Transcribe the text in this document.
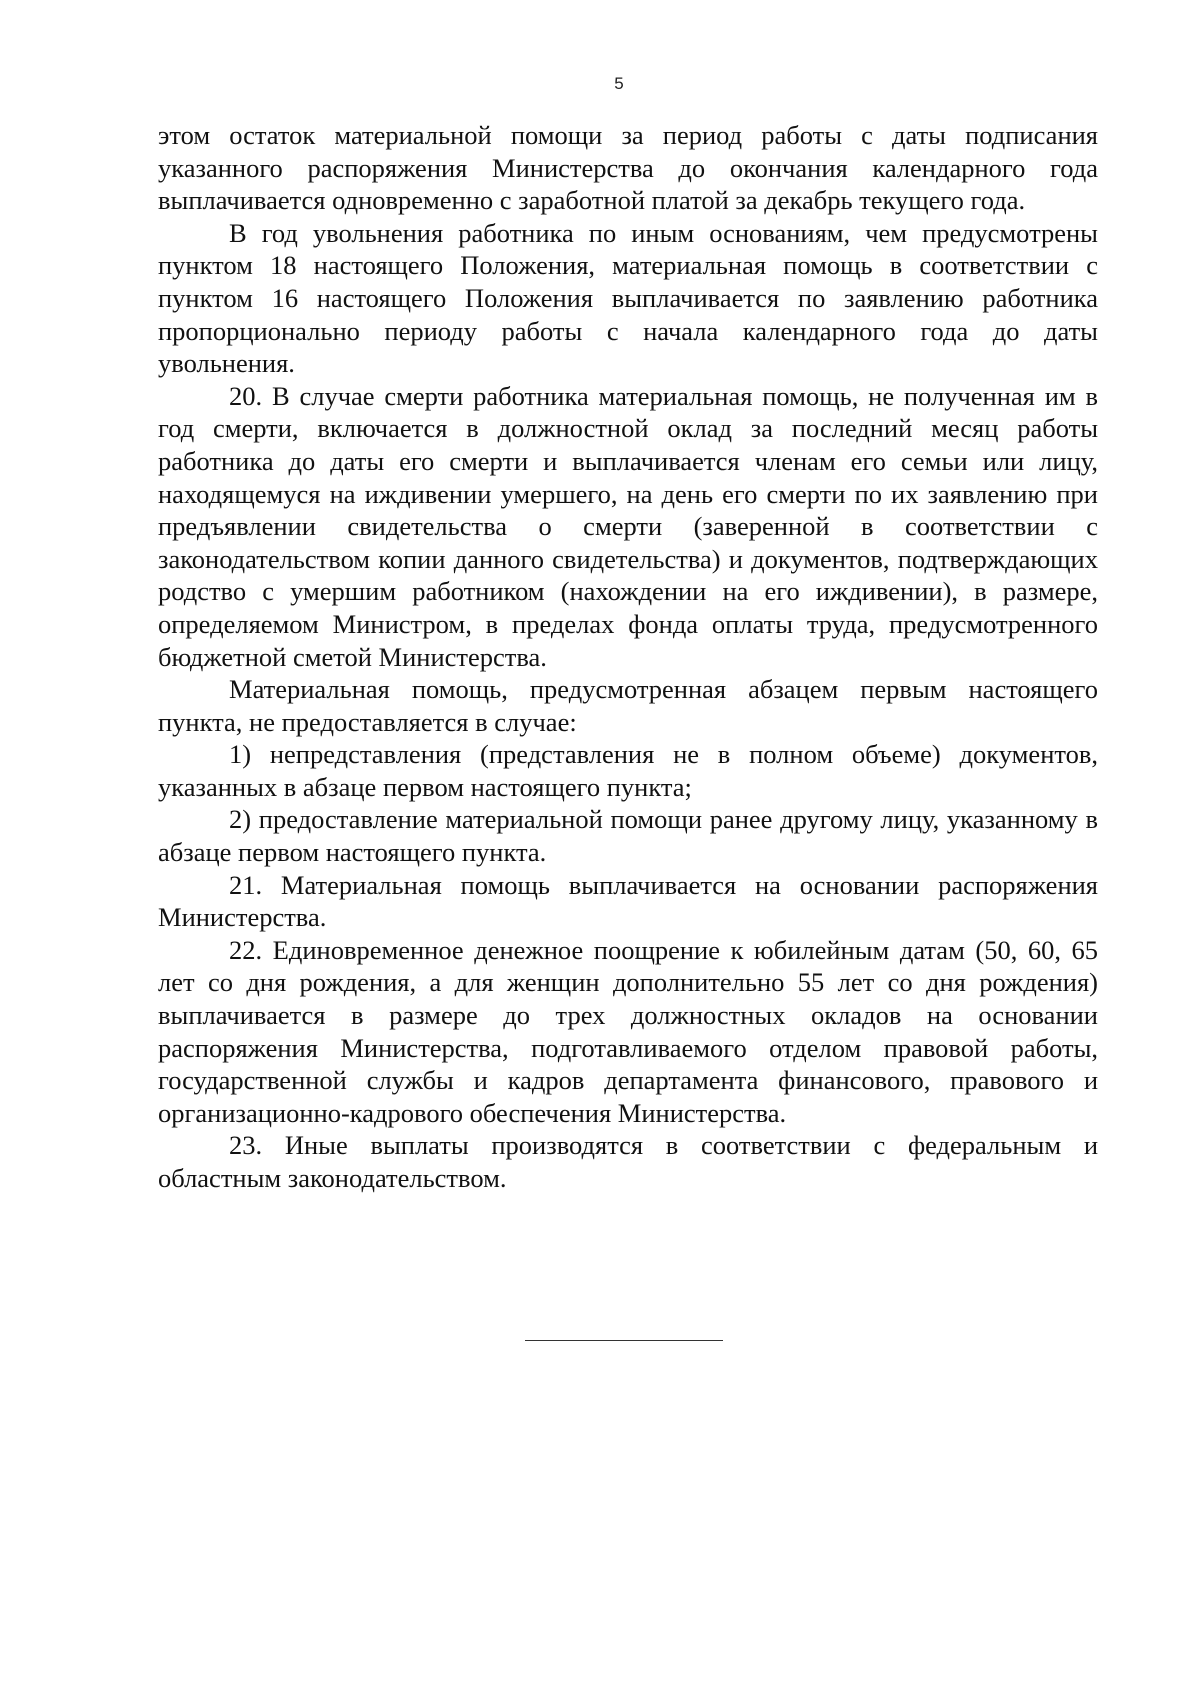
5

этом остаток материальной помощи за период работы с даты подписания указанного распоряжения Министерства до окончания календарного года выплачивается одновременно с заработной платой за декабрь текущего года.

В год увольнения работника по иным основаниям, чем предусмотрены пунктом 18 настоящего Положения, материальная помощь в соответствии с пунктом 16 настоящего Положения выплачивается по заявлению работника пропорционально периоду работы с начала календарного года до даты увольнения.

20. В случае смерти работника материальная помощь, не полученная им в год смерти, включается в должностной оклад за последний месяц работы работника до даты его смерти и выплачивается членам его семьи или лицу, находящемуся на иждивении умершего, на день его смерти по их заявлению при предъявлении свидетельства о смерти (заверенной в соответствии с законодательством копии данного свидетельства) и документов, подтверждающих родство с умершим работником (нахождении на его иждивении), в размере, определяемом Министром, в пределах фонда оплаты труда, предусмотренного бюджетной сметой Министерства.

Материальная помощь, предусмотренная абзацем первым настоящего пункта, не предоставляется в случае:

1) непредставления (представления не в полном объеме) документов, указанных в абзаце первом настоящего пункта;

2) предоставление материальной помощи ранее другому лицу, указанному в абзаце первом настоящего пункта.

21. Материальная помощь выплачивается на основании распоряжения Министерства.

22. Единовременное денежное поощрение к юбилейным датам (50, 60, 65 лет со дня рождения, а для женщин дополнительно 55 лет со дня рождения) выплачивается в размере до трех должностных окладов на основании распоряжения Министерства, подготавливаемого отделом правовой работы, государственной службы и кадров департамента финансового, правового и организационно-кадрового обеспечения Министерства.

23. Иные выплаты производятся в соответствии с федеральным и областным законодательством.
